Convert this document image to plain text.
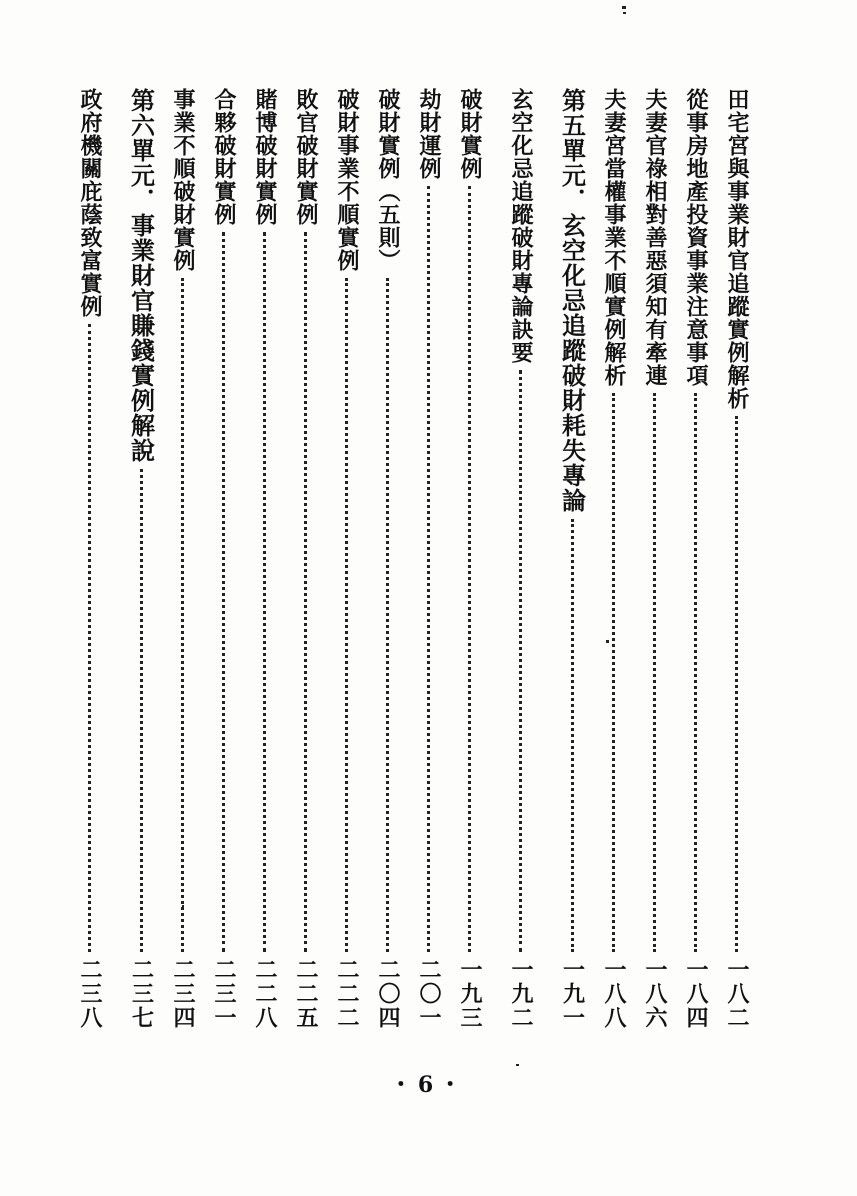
田宅宮與事業財官追蹤實例解析
一八二
從事房地產投資事業注意事項
一八四
夫妻官祿相對善惡須知有牽連
一八六
夫妻宮當權事業不順實例解析
一八八
第五單元．玄空化忌追蹤破財耗失專論
一九一
玄空化忌追蹤破財專論訣要
一九二
破財實例
一九三
劫財運例
二〇一
破財實例（五則）
二〇四
破財事業不順實例
二二二
敗官破財實例
二二五
賭博破財實例
二二八
合夥破財實例
二三一
事業不順破財實例
二三四
第六單元．事業財官賺錢實例解說
二三七
政府機關庇蔭致富實例
二三八
・6・
